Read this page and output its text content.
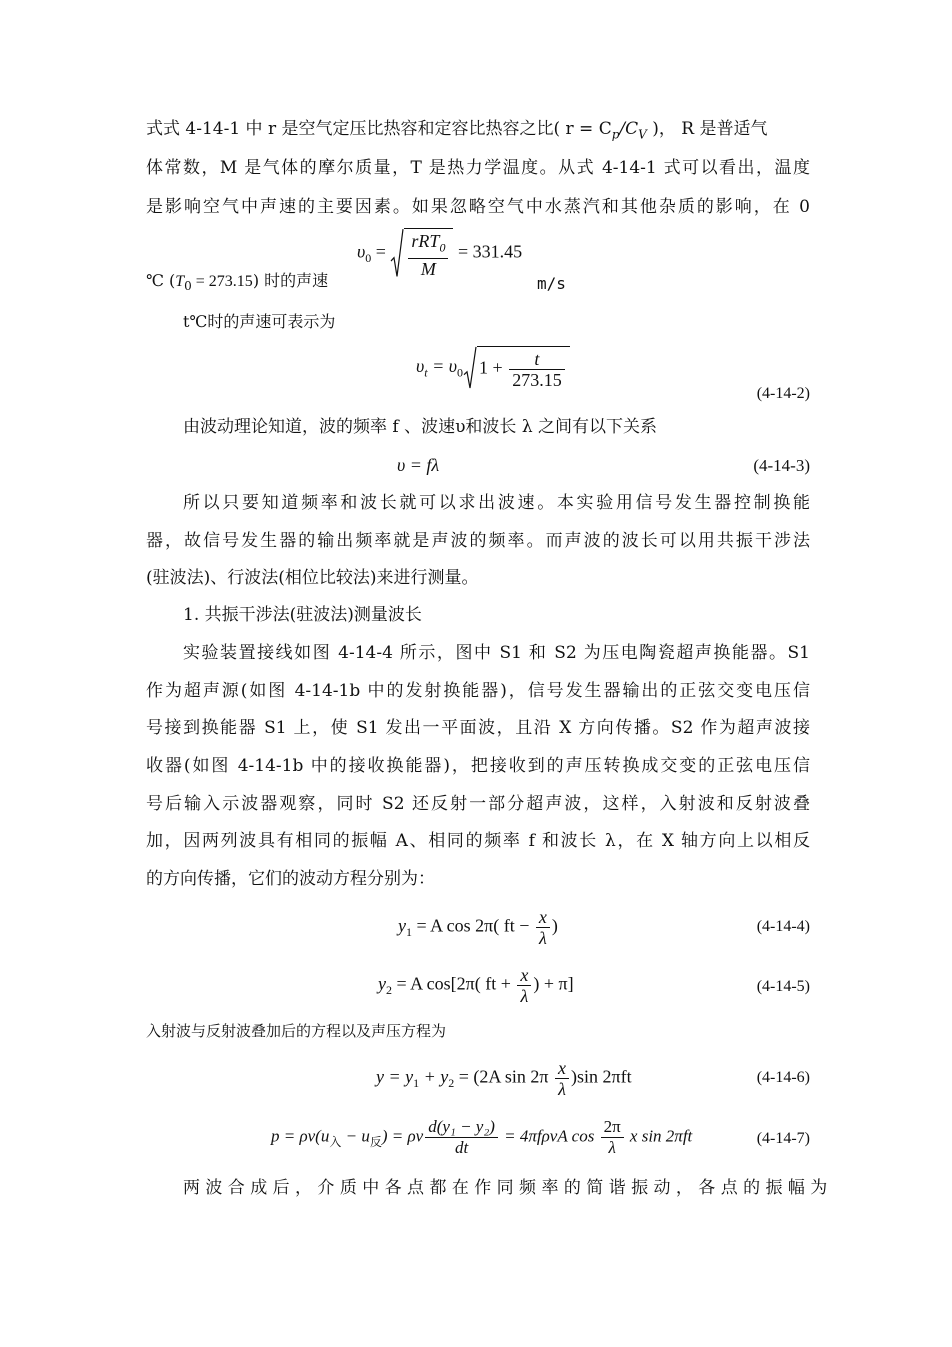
式式 4-14-1 中 r 是空气定压比热容和定容比热容之比( $r = C_p/C_V$ )， R 是普适气
体常数，M 是气体的摩尔质量，T 是热力学温度。从式 4-14-1 式可以看出，温度
是影响空气中声速的主要因素。如果忽略空气中水蒸汽和其他杂质的影响，在 0
℃ $(T_0 = 273.15)$ 时的声速
$\upsilon_0 = \frac{rRT_0}{M} = 331.45$
m/s
t℃时的声速可表示为
$\upsilon_t = \upsilon_0$ $1 + \frac{t}{273.15}$
(4-14-2)
由波动理论知道，波的频率 f 、波速υ和波长 λ 之间有以下关系
υ = fλ	(4-14-3)
所以只要知道频率和波长就可以求出波速。本实验用信号发生器控制换能
器，故信号发生器的输出频率就是声波的频率。而声波的波长可以用共振干涉法
(驻波法)、行波法(相位比较法)来进行测量。
1. 共振干涉法(驻波法)测量波长
实验装置接线如图 4-14-4 所示，图中 S1 和 S2 为压电陶瓷超声换能器。S1
作为超声源(如图 4-14-1b 中的发射换能器)，信号发生器输出的正弦交变电压信
号接到换能器 S1 上，使 S1 发出一平面波，且沿 X 方向传播。S2 作为超声波接
收器(如图 4-14-1b 中的接收换能器)，把接收到的声压转换成交变的正弦电压信
号后输入示波器观察，同时 S2 还反射一部分超声波，这样，入射波和反射波叠
加，因两列波具有相同的振幅 A、相同的频率 f 和波长 λ，在 X 轴方向上以相反
的方向传播，它们的波动方程分别为：
$y_1 = A$ cos 2π( ft − $\frac{x}{\lambda}$ )	(4-14-4)
$y_2 = A$ cos[2π( ft + $\frac{x}{\lambda}$ ) + π]	(4-14-5)
入射波与反射波叠加后的方程以及声压方程为
$y = y_1 + y_2 = (2A$ $\sin 2\pi \frac{x}{\lambda} )\sin$ 2πft	(4-14-6)
$p = \rho v(u_入 - u_反) = \rho v \frac{\text{d(y₁ − y₂)}}{dt} = 4\pi f\rho vA$ $\cos \frac{2\pi}{\lambda}$ x sin 2πft	(4-14-7)
两 波 合 成 后 ， 介 质 中 各 点 都 在 作 同 频 率 的 简 谐 振 动 ， 各 点 的 振 幅 为
